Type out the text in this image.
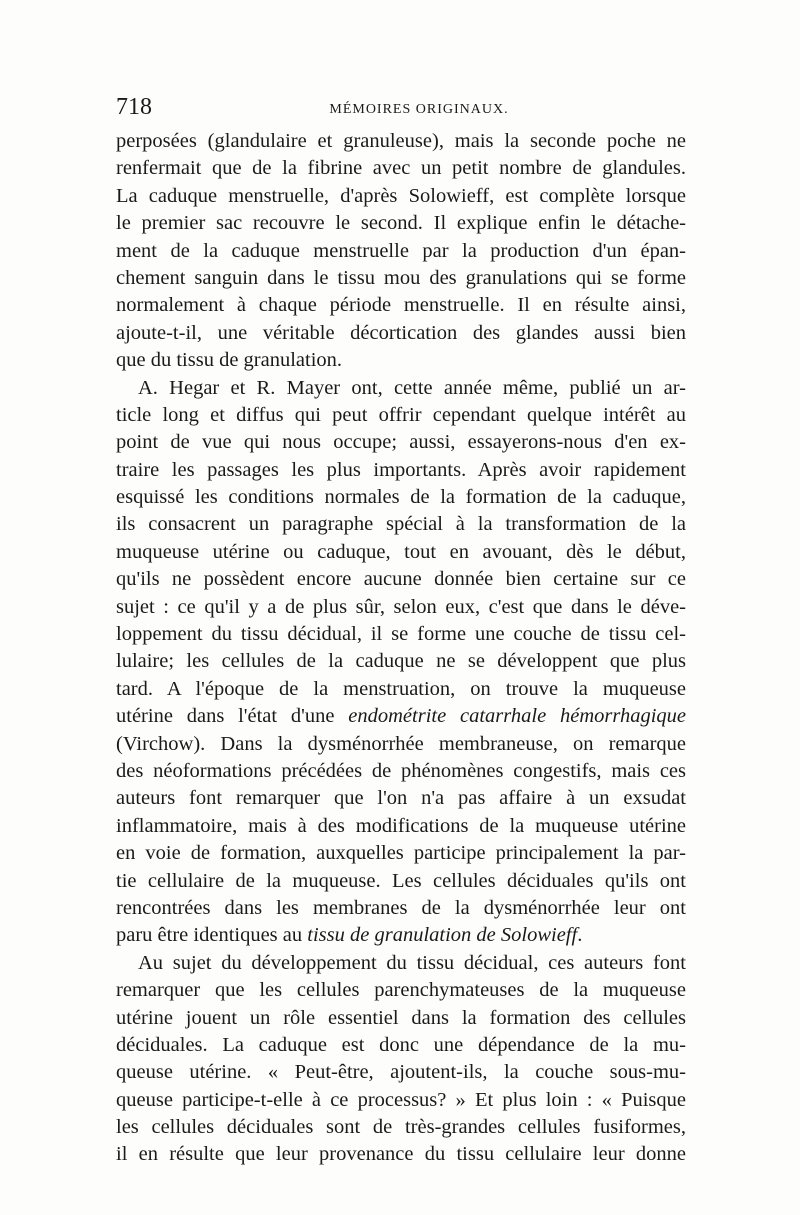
718	MÉMOIRES ORIGINAUX.
perposées (glandulaire et granuleuse), mais la seconde poche ne
renfermait que de la fibrine avec un petit nombre de glandules.
La caduque menstruelle, d'après Solowieff, est complète lorsque
le premier sac recouvre le second. Il explique enfin le détache-
ment de la caduque menstruelle par la production d'un épan-
chement sanguin dans le tissu mou des granulations qui se forme
normalement à chaque période menstruelle. Il en résulte ainsi,
ajoute-t-il, une véritable décortication des glandes aussi bien
que du tissu de granulation.
A. Hegar et R. Mayer ont, cette année même, publié un ar-
ticle long et diffus qui peut offrir cependant quelque intérêt au
point de vue qui nous occupe; aussi, essayerons-nous d'en ex-
traire les passages les plus importants. Après avoir rapidement
esquissé les conditions normales de la formation de la caduque,
ils consacrent un paragraphe spécial à la transformation de la
muqueuse utérine ou caduque, tout en avouant, dès le début,
qu'ils ne possèdent encore aucune donnée bien certaine sur ce
sujet : ce qu'il y a de plus sûr, selon eux, c'est que dans le déve-
loppement du tissu décidual, il se forme une couche de tissu cel-
lulaire; les cellules de la caduque ne se développent que plus
tard. A l'époque de la menstruation, on trouve la muqueuse
utérine dans l'état d'une endométrite catarrhale hémorrhagique
(Virchow). Dans la dysménorrhée membraneuse, on remarque
des néoformations précédées de phénomènes congestifs, mais ces
auteurs font remarquer que l'on n'a pas affaire à un exsudat
inflammatoire, mais à des modifications de la muqueuse utérine
en voie de formation, auxquelles participe principalement la par-
tie cellulaire de la muqueuse. Les cellules déciduales qu'ils ont
rencontrées dans les membranes de la dysménorrhée leur ont
paru être identiques au tissu de granulation de Solowieff.
Au sujet du développement du tissu décidual, ces auteurs font
remarquer que les cellules parenchymateuses de la muqueuse
utérine jouent un rôle essentiel dans la formation des cellules
déciduales. La caduque est donc une dépendance de la mu-
queuse utérine. « Peut-être, ajoutent-ils, la couche sous-mu-
queuse participe-t-elle à ce processus? » Et plus loin : « Puisque
les cellules déciduales sont de très-grandes cellules fusiformes,
il en résulte que leur provenance du tissu cellulaire leur donne
